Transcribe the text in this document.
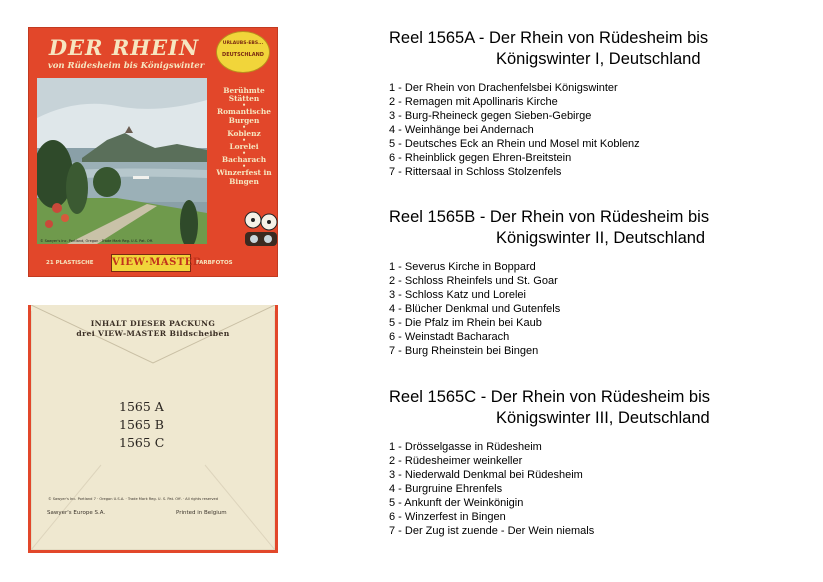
DER RHEIN
von Rüdesheim bis Königswinter
URLAUBS-EBS...
DEUTSCHLAND
© Sawyer's Inc. Portland, Oregon · Trade Mark Reg. U.S. Pat. Off.
Berühmte Stätten
•
Romantische Burgen
•
Koblenz
•
Lorelei
•
Bacharach
•
Winzerfest in Bingen
21 PLASTISCHE VIEW·MASTER
FARBFOTOS
INHALT DIESER PACKUNG
drei VIEW-MASTER Bildscheiben
1565 A
1565 B
1565 C
© Sawyer's Inc. Portland 7 · Oregon U.S.A. · Trade Mark Reg. U. S. Pat. Off. · All rights reserved
Sawyer's Europe S.A.	Printed in Belgium
Reel 1565A - Der Rhein von Rüdesheim bis
Königswinter I, Deutschland
1 - Der Rhein von Drachenfelsbei Königswinter
2 - Remagen mit Apollinaris Kirche
3 - Burg-Rheineck gegen Sieben-Gebirge
4 - Weinhänge bei Andernach
5 - Deutsches Eck an Rhein und Mosel mit Koblenz
6 - Rheinblick gegen Ehren-Breitstein
7 - Rittersaal in Schloss Stolzenfels
Reel 1565B - Der Rhein von Rüdesheim bis
Königswinter II, Deutschland
1 - Severus Kirche in Boppard
2 - Schloss Rheinfels und St. Goar
3 - Schloss Katz und Lorelei
4 - Blücher Denkmal und Gutenfels
5 - Die Pfalz im Rhein bei Kaub
6 - Weinstadt Bacharach
7 - Burg Rheinstein bei Bingen
Reel 1565C - Der Rhein von Rüdesheim bis
Königswinter III, Deutschland
1 - Drösselgasse in Rüdesheim
2 - Rüdesheimer weinkeller
3 - Niederwald Denkmal bei Rüdesheim
4 - Burgruine Ehrenfels
5 - Ankunft der Weinkönigin
6 - Winzerfest in Bingen
7 - Der Zug ist zuende - Der Wein niemals
